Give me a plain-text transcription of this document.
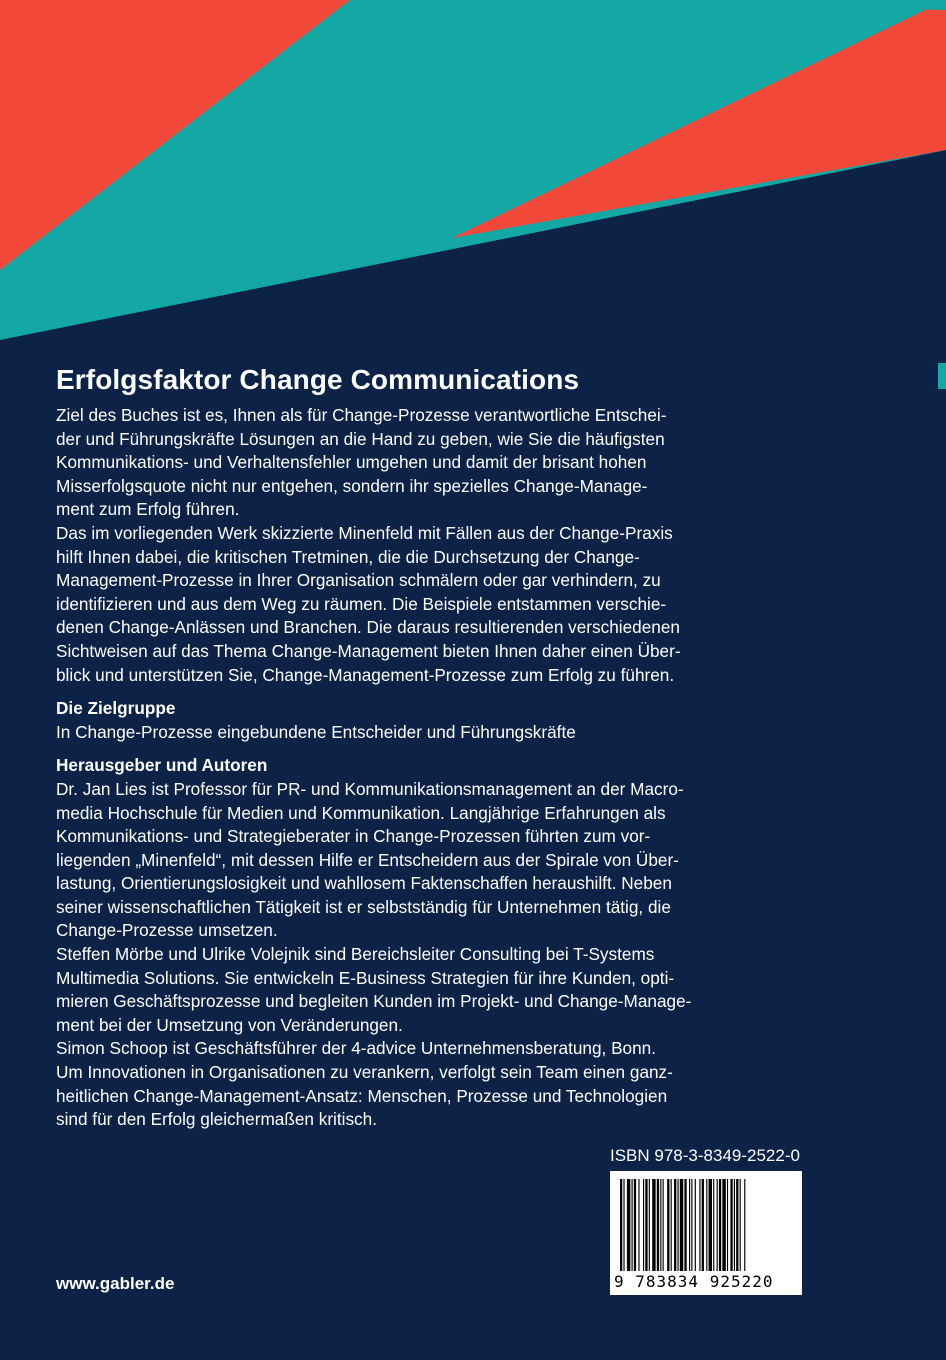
Erfolgsfaktor Change Communications

Ziel des Buches ist es, Ihnen als für Change-Prozesse verantwortliche Entschei-
der und Führungskräfte Lösungen an die Hand zu geben, wie Sie die häufigsten
Kommunikations- und Verhaltensfehler umgehen und damit der brisant hohen
Misserfolgsquote nicht nur entgehen, sondern ihr spezielles Change-Manage-
ment zum Erfolg führen.
Das im vorliegenden Werk skizzierte Minenfeld mit Fällen aus der Change-Praxis
hilft Ihnen dabei, die kritischen Tretminen, die die Durchsetzung der Change-
Management-Prozesse in Ihrer Organisation schmälern oder gar verhindern, zu
identifizieren und aus dem Weg zu räumen. Die Beispiele entstammen verschie-
denen Change-Anlässen und Branchen. Die daraus resultierenden verschiedenen
Sichtweisen auf das Thema Change-Management bieten Ihnen daher einen Über-
blick und unterstützen Sie, Change-Management-Prozesse zum Erfolg zu führen.

Die Zielgruppe

In Change-Prozesse eingebundene Entscheider und Führungskräfte

Herausgeber und Autoren

Dr. Jan Lies ist Professor für PR- und Kommunikationsmanagement an der Macro-
media Hochschule für Medien und Kommunikation. Langjährige Erfahrungen als
Kommunikations- und Strategieberater in Change-Prozessen führten zum vor-
liegenden „Minenfeld“, mit dessen Hilfe er Entscheidern aus der Spirale von Über-
lastung, Orientierungslosigkeit und wahllosem Faktenschaffen heraushilft. Neben
seiner wissenschaftlichen Tätigkeit ist er selbstständig für Unternehmen tätig, die
Change-Prozesse umsetzen.
Steffen Mörbe und Ulrike Volejnik sind Bereichsleiter Consulting bei T-Systems
Multimedia Solutions. Sie entwickeln E-Business Strategien für ihre Kunden, opti-
mieren Geschäftsprozesse und begleiten Kunden im Projekt- und Change-Manage-
ment bei der Umsetzung von Veränderungen.
Simon Schoop ist Geschäftsführer der 4-advice Unternehmensberatung, Bonn.
Um Innovationen in Organisationen zu verankern, verfolgt sein Team einen ganz-
heitlichen Change-Management-Ansatz: Menschen, Prozesse und Technologien
sind für den Erfolg gleichermaßen kritisch.

ISBN 978-3-8349-2522-0
9 783834 925220
www.gabler.de
